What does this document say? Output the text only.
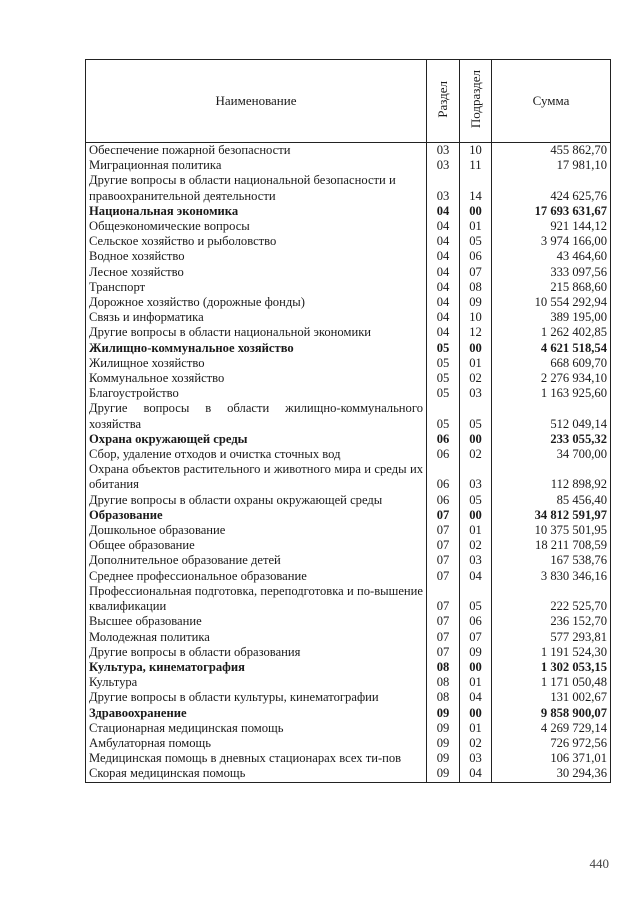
Наименование	Раздел	Подраздел	Сумма
Обеспечение пожарной безопасности	03	10	455 862,70
Миграционная политика	03	11	17 981,10
Другие вопросы в области национальной безопасности и правоохранительной деятельности	03	14	424 625,76
Национальная экономика	04	00	17 693 631,67
Общеэкономические вопросы	04	01	921 144,12
Сельское хозяйство и рыболовство	04	05	3 974 166,00
Водное хозяйство	04	06	43 464,60
Лесное хозяйство	04	07	333 097,56
Транспорт	04	08	215 868,60
Дорожное хозяйство (дорожные фонды)	04	09	10 554 292,94
Связь и информатика	04	10	389 195,00
Другие вопросы в области национальной экономики	04	12	1 262 402,85
Жилищно-коммунальное хозяйство	05	00	4 621 518,54
Жилищное хозяйство	05	01	668 609,70
Коммунальное хозяйство	05	02	2 276 934,10
Благоустройство	05	03	1 163 925,60
Другие вопросы в области жилищно-коммунального хозяйства	05	05	512 049,14
Охрана окружающей среды	06	00	233 055,32
Сбор, удаление отходов и очистка сточных вод	06	02	34 700,00
Охрана объектов растительного и животного мира и среды их обитания	06	03	112 898,92
Другие вопросы в области охраны окружающей среды	06	05	85 456,40
Образование	07	00	34 812 591,97
Дошкольное образование	07	01	10 375 501,95
Общее образование	07	02	18 211 708,59
Дополнительное образование детей	07	03	167 538,76
Среднее профессиональное образование	07	04	3 830 346,16
Профессиональная подготовка, переподготовка и по-вышение квалификации	07	05	222 525,70
Высшее образование	07	06	236 152,70
Молодежная политика	07	07	577 293,81
Другие вопросы в области образования	07	09	1 191 524,30
Культура, кинематография	08	00	1 302 053,15
Культура	08	01	1 171 050,48
Другие вопросы в области культуры, кинематографии	08	04	131 002,67
Здравоохранение	09	00	9 858 900,07
Стационарная медицинская помощь	09	01	4 269 729,14
Амбулаторная помощь	09	02	726 972,56
Медицинская помощь в дневных стационарах всех ти-пов	09	03	106 371,01
Скорая медицинская помощь	09	04	30 294,36
440
